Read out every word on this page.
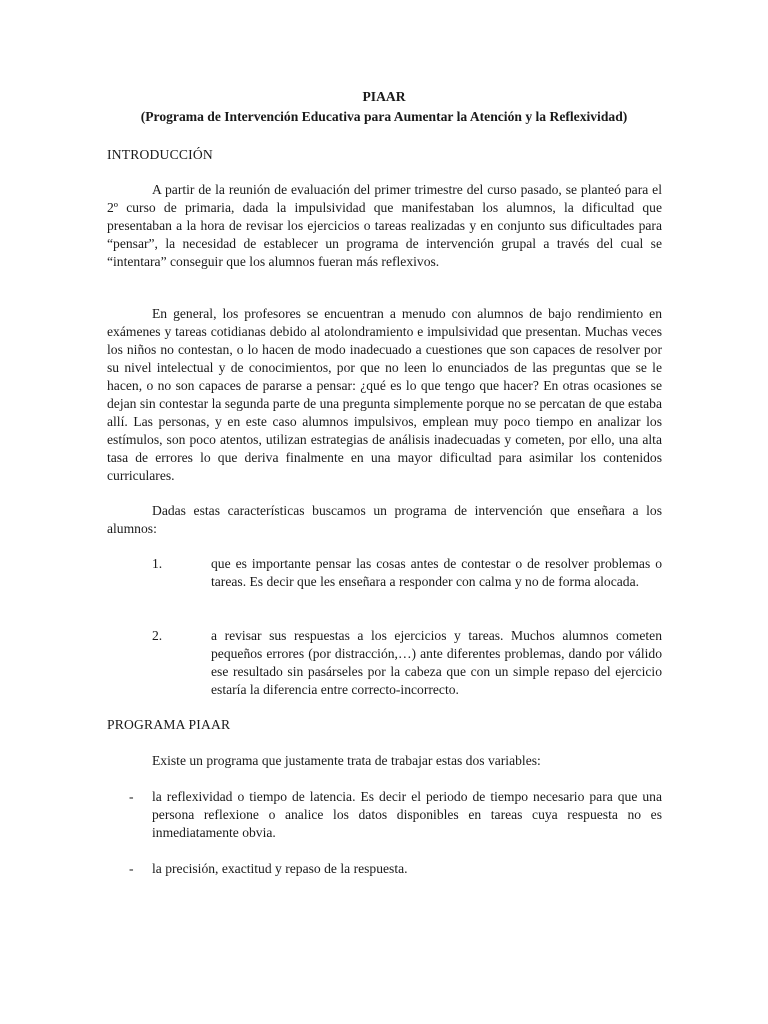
PIAAR

(Programa de Intervención Educativa para Aumentar la Atención y la Reflexividad)

INTRODUCCIÓN

A partir de la reunión de evaluación del primer trimestre del curso pasado, se planteó para el 2º curso de primaria, dada la impulsividad que manifestaban los alumnos, la dificultad que presentaban a la hora de revisar los ejercicios o tareas realizadas y en conjunto sus dificultades para “pensar”, la necesidad de establecer un programa de intervención grupal a través del cual se “intentara” conseguir que los alumnos fueran más reflexivos.

En general, los profesores se encuentran a menudo con alumnos de bajo rendimiento en exámenes y tareas cotidianas debido al atolondramiento e impulsividad que presentan. Muchas veces los niños no contestan, o lo hacen de modo inadecuado a cuestiones que son capaces de resolver por su nivel intelectual y de conocimientos, por que no leen lo enunciados de las preguntas que se le hacen, o no son capaces de pararse a pensar: ¿qué es lo que tengo que hacer? En otras ocasiones se dejan sin contestar la segunda parte de una pregunta simplemente porque no se percatan de que estaba allí. Las personas, y en este caso alumnos impulsivos, emplean muy poco tiempo en analizar los estímulos, son poco atentos, utilizan estrategias de análisis inadecuadas y cometen, por ello, una alta tasa de errores lo que deriva finalmente en una mayor dificultad para asimilar los contenidos curriculares.

Dadas estas características buscamos un programa de intervención que enseñara a los alumnos:

1.	que es importante pensar las cosas antes de contestar o de resolver problemas o tareas. Es decir que les enseñara a responder con calma y no de forma alocada.

2.	a revisar sus respuestas a los ejercicios y tareas. Muchos alumnos cometen pequeños errores (por distracción,…) ante diferentes problemas, dando por válido ese resultado sin pasárseles por la cabeza que con un simple repaso del ejercicio estaría la diferencia entre correcto-incorrecto.

PROGRAMA PIAAR

Existe un programa que justamente trata de trabajar estas dos variables:

- la reflexividad o tiempo de latencia. Es decir el periodo de tiempo necesario para que una persona reflexione o analice los datos disponibles en tareas cuya respuesta no es inmediatamente obvia.

- la precisión, exactitud y repaso de la respuesta.
